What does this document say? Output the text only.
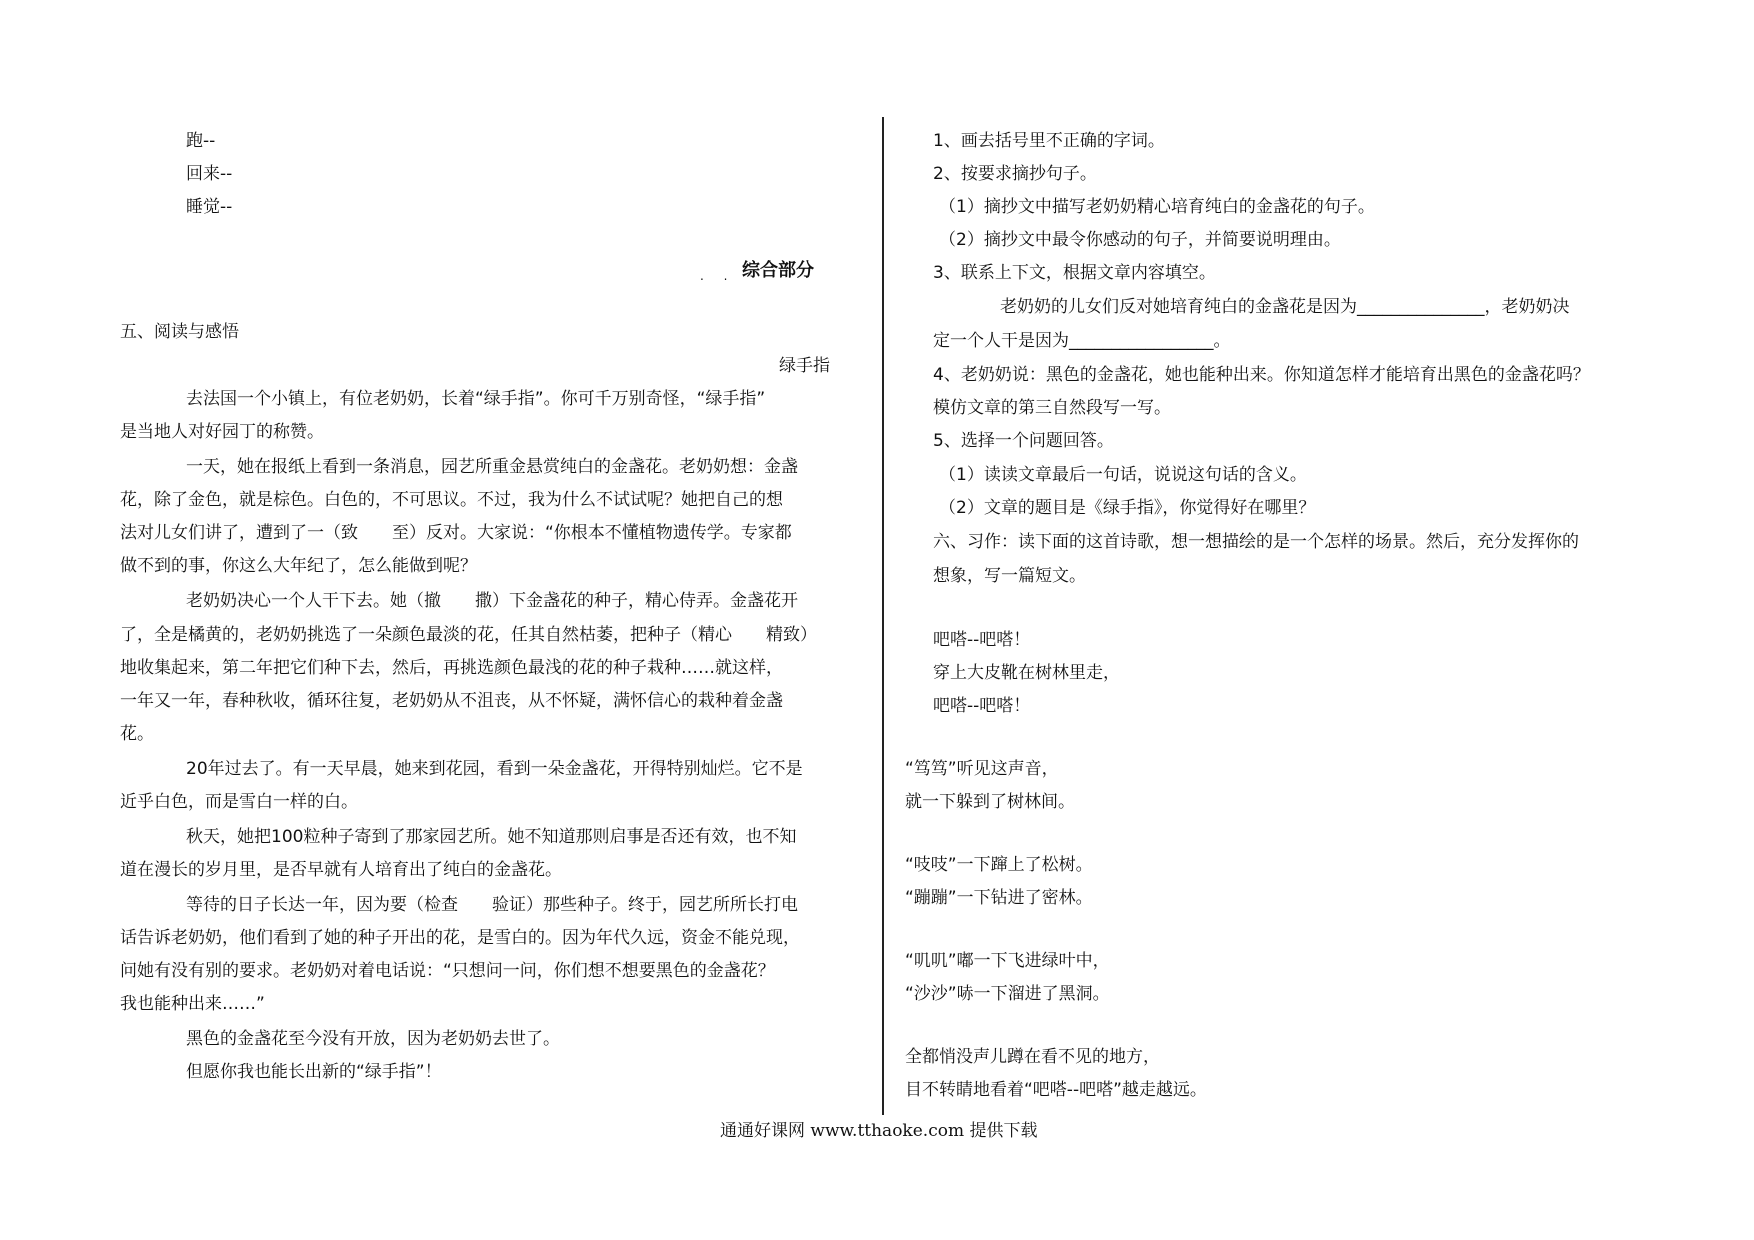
跑--
回来--
睡觉--
. . 综合部分
五、阅读与感悟
绿手指
去法国一个小镇上，有位老奶奶，长着“绿手指”。你可千万别奇怪，“绿手指”
是当地人对好园丁的称赞。
一天，她在报纸上看到一条消息，园艺所重金悬赏纯白的金盏花。老奶奶想：金盏
花，除了金色，就是棕色。白色的，不可思议。不过，我为什么不试试呢？她把自己的想
法对儿女们讲了，遭到了一（致　　至）反对。大家说：“你根本不懂植物遗传学。专家都
做不到的事，你这么大年纪了，怎么能做到呢？
老奶奶决心一个人干下去。她（撤　　撒）下金盏花的种子，精心侍弄。金盏花开
了，全是橘黄的，老奶奶挑选了一朵颜色最淡的花，任其自然枯萎，把种子（精心　　精致）
地收集起来，第二年把它们种下去，然后，再挑选颜色最浅的花的种子栽种……就这样，
一年又一年，春种秋收，循环往复，老奶奶从不沮丧，从不怀疑，满怀信心的栽种着金盏
花。
20年过去了。有一天早晨，她来到花园，看到一朵金盏花，开得特别灿烂。它不是
近乎白色，而是雪白一样的白。
秋天，她把100粒种子寄到了那家园艺所。她不知道那则启事是否还有效，也不知
道在漫长的岁月里，是否早就有人培育出了纯白的金盏花。
等待的日子长达一年，因为要（检查　　验证）那些种子。终于，园艺所所长打电
话告诉老奶奶，他们看到了她的种子开出的花，是雪白的。因为年代久远，资金不能兑现，
问她有没有别的要求。老奶奶对着电话说：“只想问一问，你们想不想要黑色的金盏花？
我也能种出来……”
黑色的金盏花至今没有开放，因为老奶奶去世了。
但愿你我也能长出新的“绿手指”！
1、画去括号里不正确的字词。
2、按要求摘抄句子。
（1）摘抄文中描写老奶奶精心培育纯白的金盏花的句子。
（2）摘抄文中最令你感动的句子，并简要说明理由。
3、联系上下文，根据文章内容填空。
老奶奶的儿女们反对她培育纯白的金盏花是因为_______________，老奶奶决
定一个人干是因为_________________。
4、老奶奶说：黑色的金盏花，她也能种出来。你知道怎样才能培育出黑色的金盏花吗？
模仿文章的第三自然段写一写。
5、选择一个问题回答。
（1）读读文章最后一句话，说说这句话的含义。
（2）文章的题目是《绿手指》，你觉得好在哪里？
六、习作：读下面的这首诗歌，想一想描绘的是一个怎样的场景。然后，充分发挥你的
想象，写一篇短文。
吧嗒--吧嗒！
穿上大皮靴在树林里走，
吧嗒--吧嗒！
“笃笃”听见这声音，
就一下躲到了树林间。
“吱吱”一下蹿上了松树。
“蹦蹦”一下钻进了密林。
“叽叽”嘟一下飞进绿叶中，
“沙沙”哧一下溜进了黑洞。
全都悄没声儿蹲在看不见的地方，
目不转睛地看着“吧嗒--吧嗒”越走越远。
通通好课网 www.tthaoke.com 提供下载
